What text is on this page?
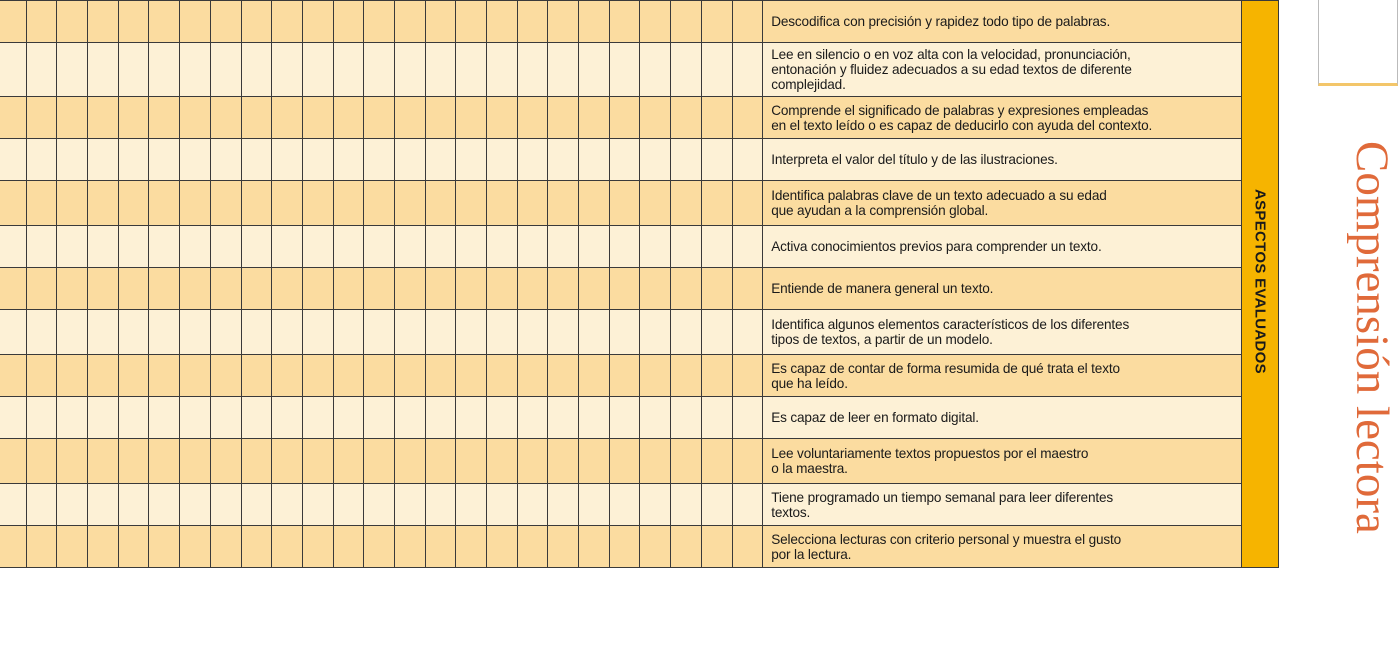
																									Descodifica con precisión y rapidez todo tipo de palabras.	ASPECTOS EVALUADOS
																									Lee en silencio o en voz alta con la velocidad, pronunciación,
entonación y fluidez adecuados a su edad textos de diferente
complejidad.	
																									Comprende el significado de palabras y expresiones empleadas
en el texto leído o es capaz de deducirlo con ayuda del contexto.	
																									Interpreta el valor del título y de las ilustraciones.	
																									Identifica palabras clave de un texto adecuado a su edad
que ayudan a la comprensión global.	
																									Activa conocimientos previos para comprender un texto.	
																									Entiende de manera general un texto.	
																									Identifica algunos elementos característicos de los diferentes
tipos de textos, a partir de un modelo.	
																									Es capaz de contar de forma resumida de qué trata el texto
que ha leído.	
																									Es capaz de leer en formato digital.	
																									Lee voluntariamente textos propuestos por el maestro
o la maestra.	
																									Tiene programado un tiempo semanal para leer diferentes
textos.	
																									Selecciona lecturas con criterio personal y muestra el gusto
por la lectura.	
Comprensión lectora
